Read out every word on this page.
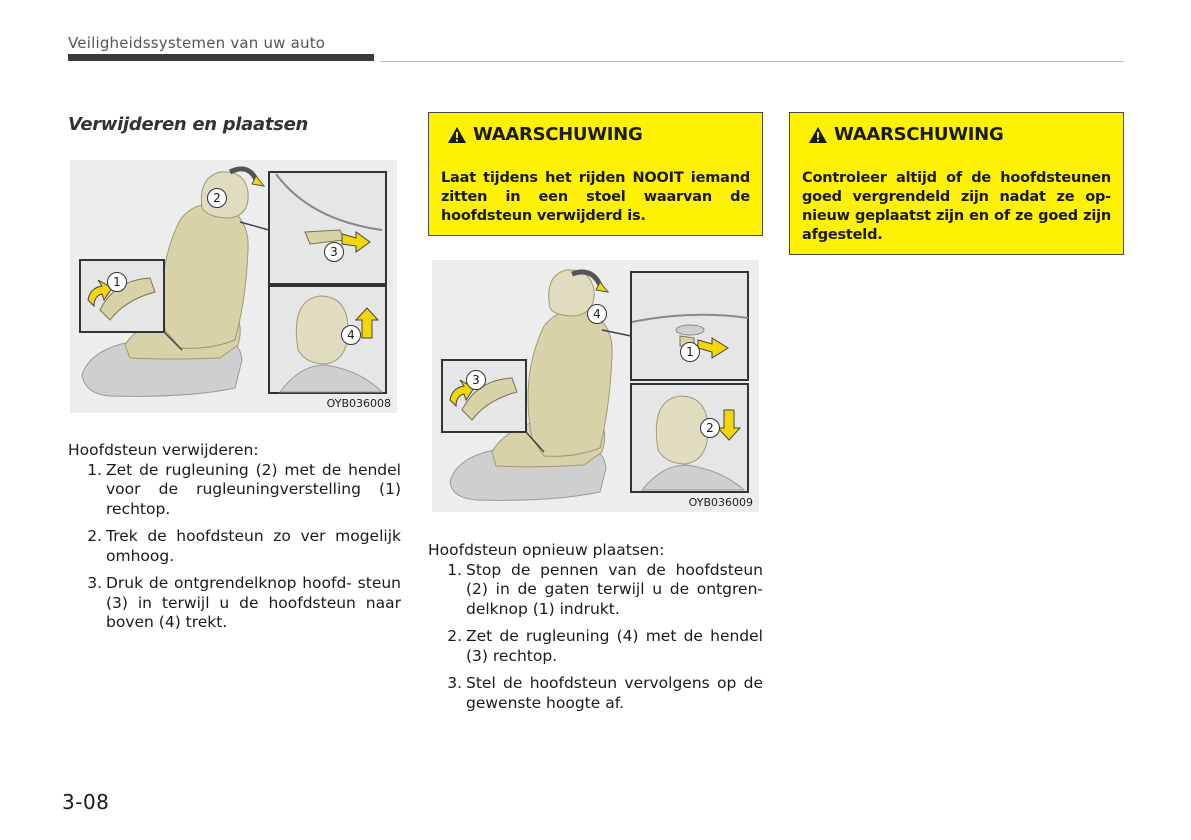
Veiligheidssystemen van uw auto
Verwijderen en plaatsen
2
1
3
4
OYB036008
Hoofdsteun verwijderen:
1. Zet de rugleuning (2) met de hendel voor de rugleuningverstelling (1) rechtop.
2. Trek de hoofdsteun zo ver mogelijk omhoog.
3. Druk de ontgrendelknop hoofd- steun (3) in terwijl u de hoofdsteun naar boven (4) trekt.
WAARSCHUWING
Laat tijdens het rijden NOOIT iemand zitten in een stoel waarvan de hoofdsteun verwijderd is.
4
3
1
2
OYB036009
Hoofdsteun opnieuw plaatsen:
1. Stop de pennen van de hoofdsteun (2) in de gaten terwijl u de ontgren- delknop (1) indrukt.
2. Zet de rugleuning (4) met de hendel (3) rechtop.
3. Stel de hoofdsteun vervolgens op de gewenste hoogte af.
WAARSCHUWING
Controleer altijd of de hoofdsteunen goed vergrendeld zijn nadat ze op- nieuw geplaatst zijn en of ze goed zijn afgesteld.
3-08
